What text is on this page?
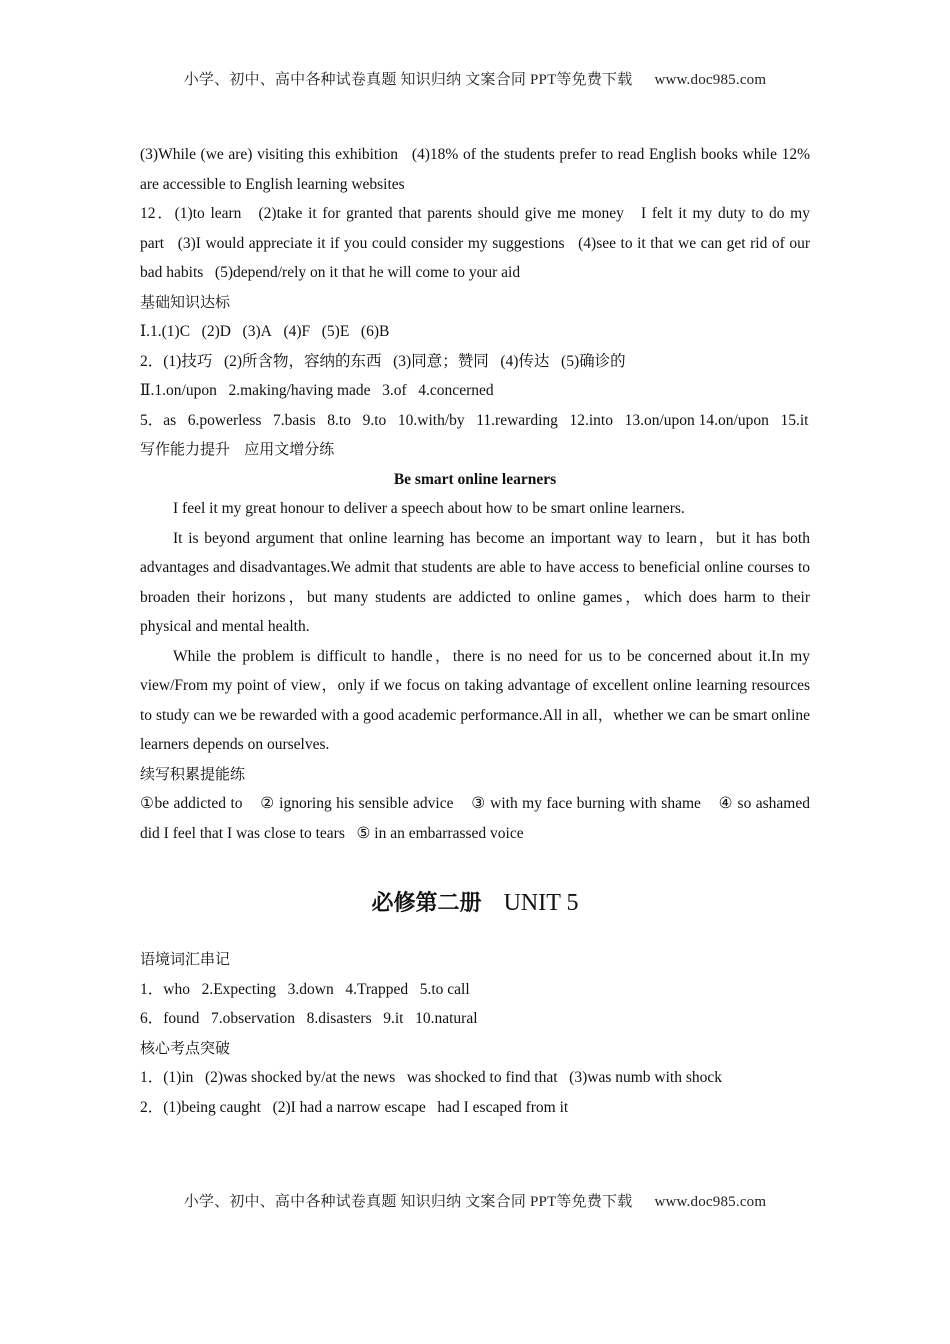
小学、初中、高中各种试卷真题 知识归纳 文案合同 PPT等免费下载 www.doc985.com

(3)While (we are) visiting this exhibition   (4)18% of the students prefer to read English books while 12% are accessible to English learning websites

12．(1)to learn   (2)take it for granted that parents should give me money   I felt it my duty to do my part   (3)I would appreciate it if you could consider my suggestions   (4)see to it that we can get rid of our bad habits   (5)depend/rely on it that he will come to your aid

基础知识达标

Ⅰ.1.(1)C   (2)D   (3)A   (4)F   (5)E   (6)B

2．(1)技巧   (2)所含物，容纳的东西   (3)同意；赞同   (4)传达   (5)确诊的

Ⅱ.1.on/upon   2.making/having made   3.of   4.concerned

5．as   6.powerless   7.basis   8.to   9.to   10.with/by   11.rewarding   12.into   13.on/upon 14.on/upon   15.it

写作能力提升   应用文增分练

Be smart online learners

I feel it my great honour to deliver a speech about how to be smart online learners.

It is beyond argument that online learning has become an important way to learn，but it has both advantages and disadvantages.We admit that students are able to have access to beneficial online courses to broaden their horizons，but many students are addicted to online games，which does harm to their physical and mental health.

While the problem is difficult to handle，there is no need for us to be concerned about it.In my view/From my point of view，only if we focus on taking advantage of excellent online learning resources to study can we be rewarded with a good academic performance.All in all，whether we can be smart online learners depends on ourselves.

续写积累提能练

①be addicted to    ② ignoring his sensible advice    ③ with my face burning with shame    ④ so ashamed did I feel that I was close to tears   ⑤ in an embarrassed voice

必修第二册 UNIT 5

语境词汇串记

1．who   2.Expecting   3.down   4.Trapped   5.to call

6．found   7.observation   8.disasters   9.it   10.natural

核心考点突破

1．(1)in   (2)was shocked by/at the news   was shocked to find that   (3)was numb with shock

2．(1)being caught   (2)I had a narrow escape   had I escaped from it

小学、初中、高中各种试卷真题 知识归纳 文案合同 PPT等免费下载 www.doc985.com
